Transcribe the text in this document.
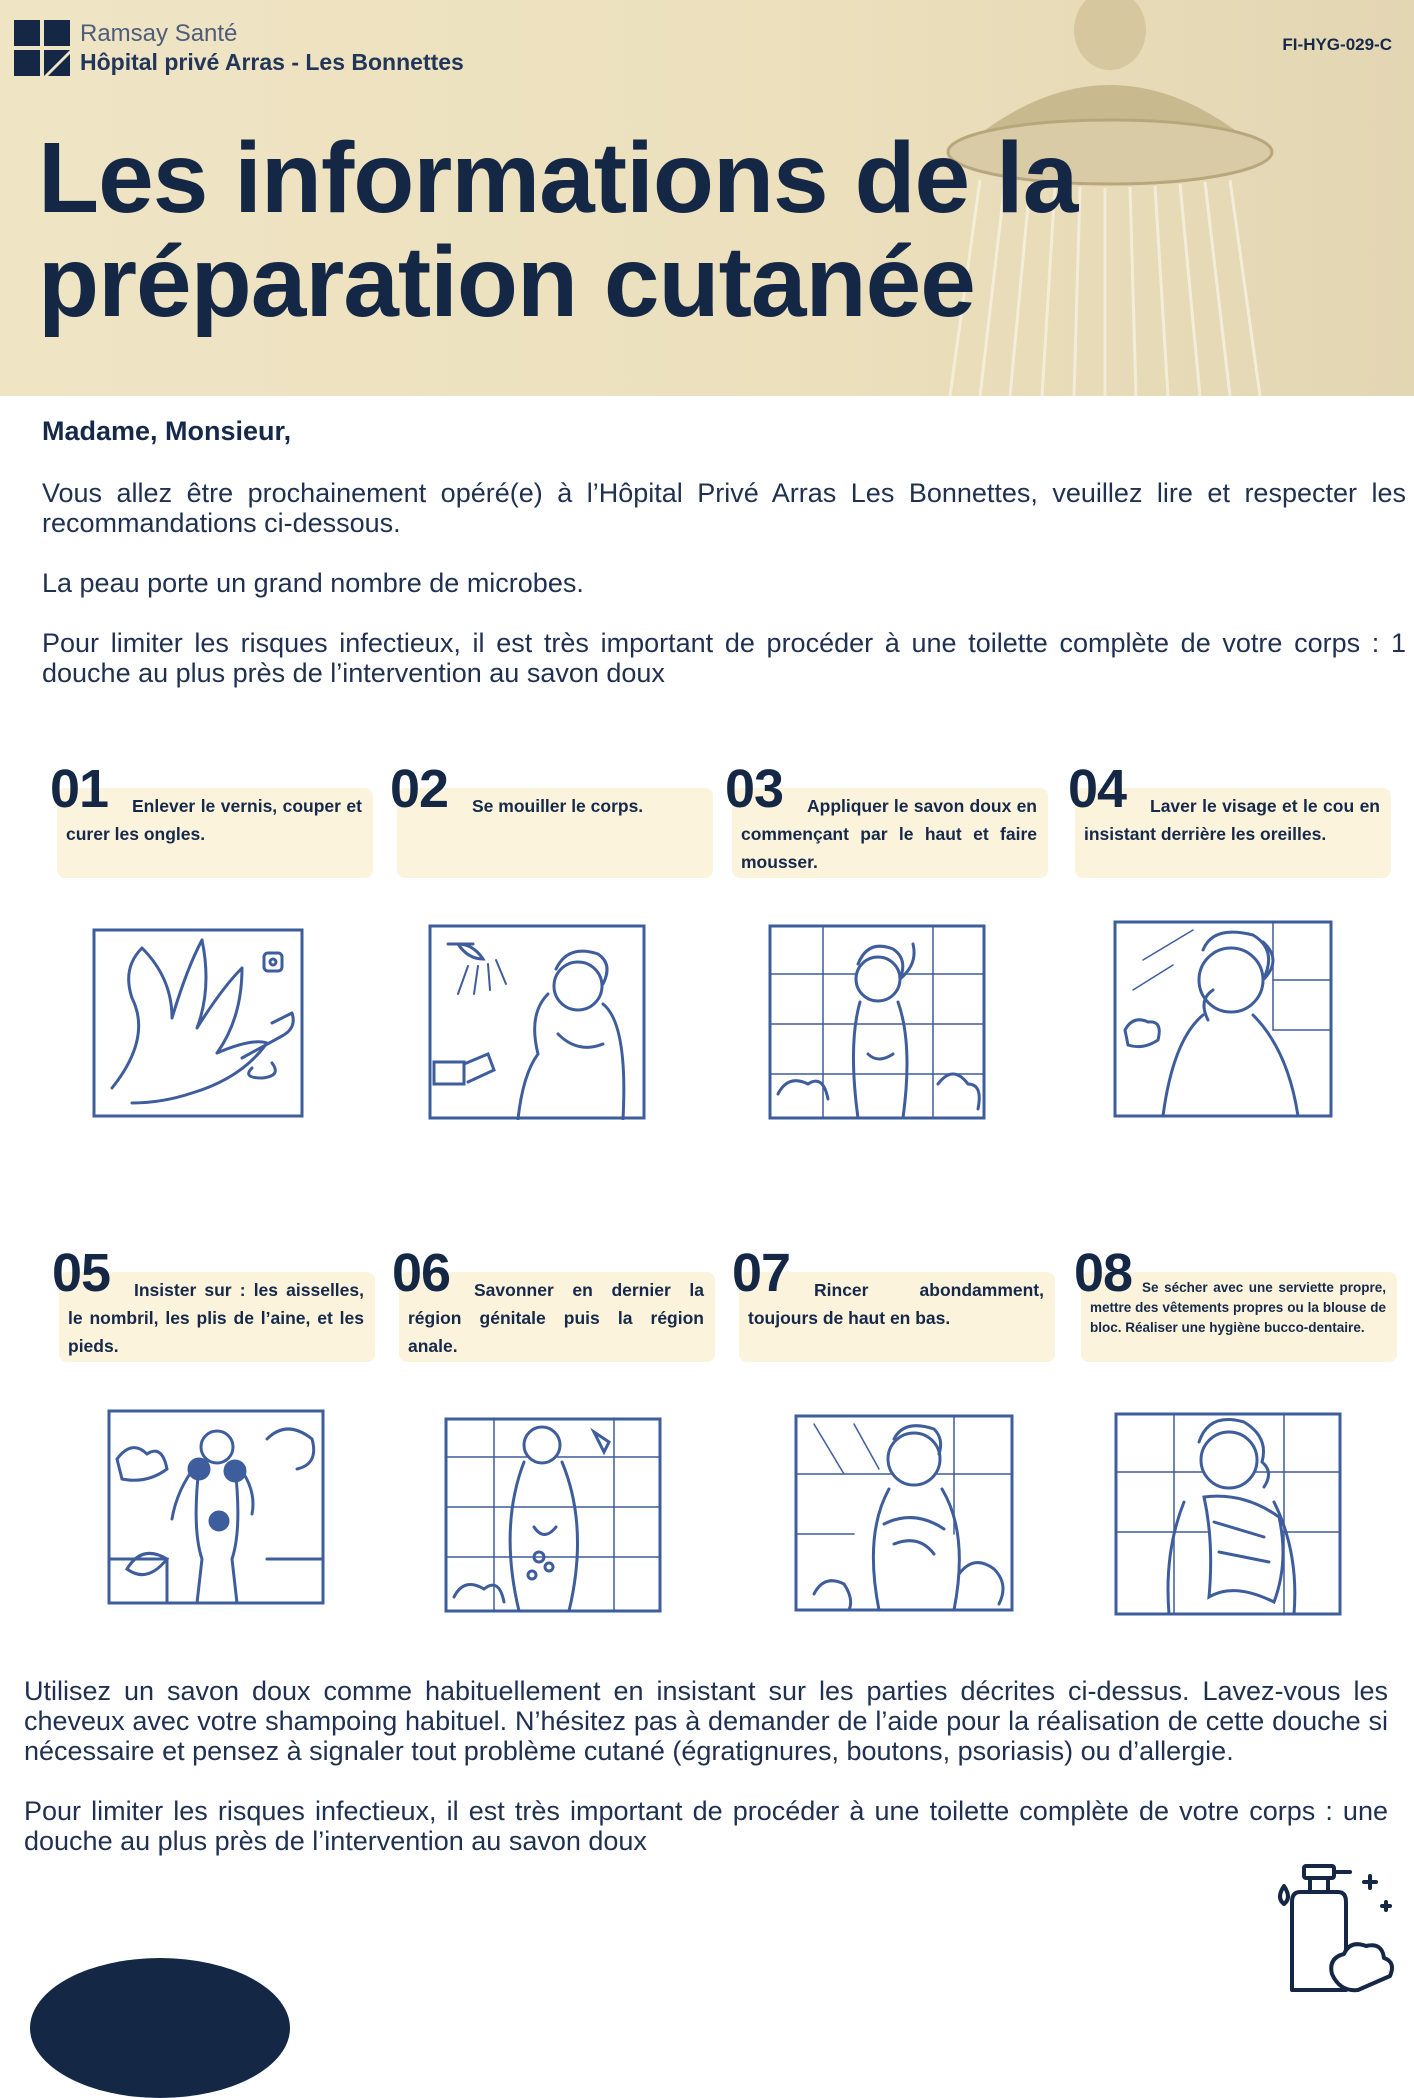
Ramsay Santé
Hôpital privé Arras - Les Bonnettes
FI-HYG-029-C
Les informations de la
préparation cutanée

Madame, Monsieur,

Vous allez être prochainement opéré(e) à l’Hôpital Privé Arras Les Bonnettes, veuillez lire et respecter les recommandations ci-dessous.

La peau porte un grand nombre de microbes.

Pour limiter les risques infectieux, il est très important de procéder à une toilette complète de votre corps : 1 douche au plus près de l’intervention au savon doux

01	Enlever le vernis, couper et curer les ongles.

02	Se mouiller le corps.	03	Appliquer le savon doux en commençant par le haut et faire mousser.

04	Laver le visage et le cou en insistant derrière les oreilles.

05	Insister sur : les aisselles, le nombril, les plis de l’aine, et les pieds.

06	Savonner en dernier la région génitale puis la région anale.

07	Rincer abondamment, toujours de haut en bas.

08 Se sécher avec une serviette propre, mettre des vêtements propres ou la blouse de bloc. Réaliser une hygiène bucco-dentaire.

Utilisez un savon doux comme habituellement en insistant sur les parties décrites ci-dessus. Lavez-vous les cheveux avec votre shampoing habituel. N’hésitez pas à demander de l’aide pour la réalisation de cette douche si nécessaire et pensez à signaler tout problème cutané (égratignures, boutons, psoriasis) ou d’allergie.

Pour limiter les risques infectieux, il est très important de procéder à une toilette complète de votre corps : une douche au plus près de l’intervention au savon doux
